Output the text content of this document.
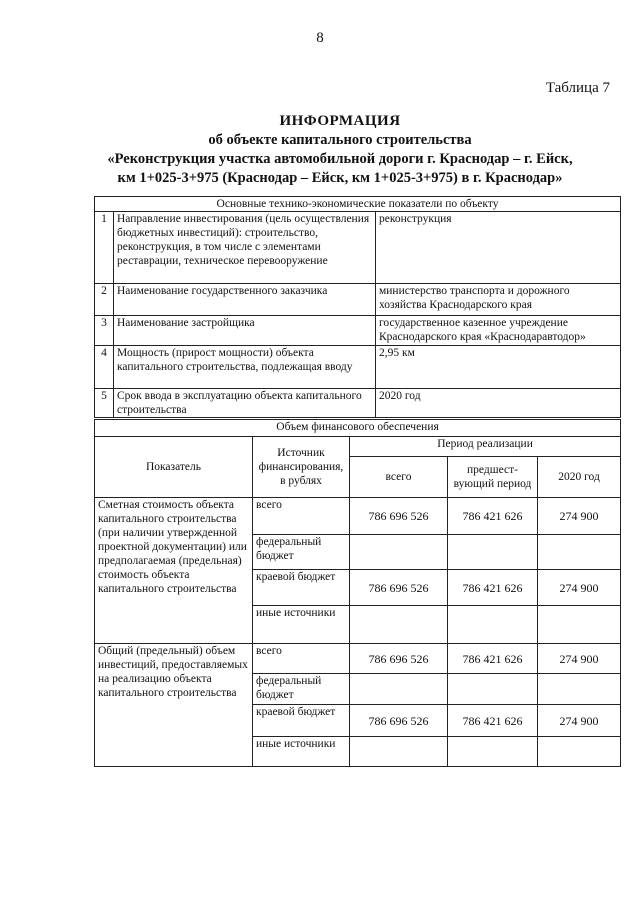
8
Таблица 7
ИНФОРМАЦИЯ
об объекте капитального строительства
«Реконструкция участка автомобильной дороги г. Краснодар – г. Ейск,
км 1+025-3+975 (Краснодар – Ейск, км 1+025-3+975) в г. Краснодар»
Основные технико-экономические показатели по объекту		
1	Направление инвестирования (цель осуществления бюджетных инвестиций): строительство, реконструкция, в том числе с элементами реставрации, техническое перевооружение	реконструкция
2	Наименование государственного заказчика	министерство транспорта и дорожного хозяйства Краснодарского края
3	Наименование застройщика	государственное казенное учреждение Краснодарского края «Краснодаравтодор»
4	Мощность (прирост мощности) объекта капитального строительства, подлежащая вводу	2,95 км
5	Срок ввода в эксплуатацию объекта капитального строительства	2020 год
Объем финансового обеспечения				
Показатель	Источник финансирования, в рублях	Период реализации		
		всего	предшест-вующий период	2020 год
Сметная стоимость объекта капитального строительства (при наличии утвержденной проектной документации) или предполагаемая (предельная) стоимость объекта капитального строительства	всего	786 696 526	786 421 626	274 900
	федеральный бюджет			
	краевой бюджет	786 696 526	786 421 626	274 900
	иные источники			
Общий (предельный) объем инвестиций, предоставляемых на реализацию объекта капитального строительства	всего	786 696 526	786 421 626	274 900
	федеральный бюджет			
	краевой бюджет	786 696 526	786 421 626	274 900
	иные источники			
